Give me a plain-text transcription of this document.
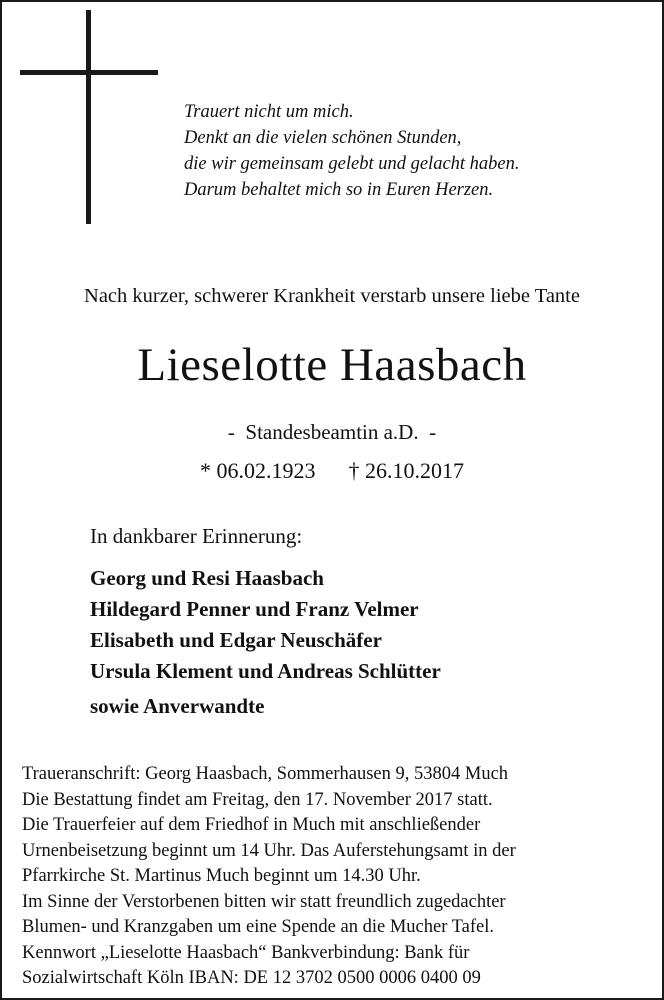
Trauert nicht um mich.
Denkt an die vielen schönen Stunden,
die wir gemeinsam gelebt und gelacht haben.
Darum behaltet mich so in Euren Herzen.
Nach kurzer, schwerer Krankheit verstarb unsere liebe Tante
Lieselotte Haasbach
-  Standesbeamtin a.D.  -
* 06.02.1923      † 26.10.2017
In dankbarer Erinnerung:
Georg und Resi Haasbach
Hildegard Penner und Franz Velmer
Elisabeth und Edgar Neuschäfer
Ursula Klement und Andreas Schlütter
sowie Anverwandte
Traueranschrift: Georg Haasbach, Sommerhausen 9, 53804 Much
Die Bestattung findet am Freitag, den 17. November 2017 statt.
Die Trauerfeier auf dem Friedhof in Much mit anschließender
Urnenbeisetzung beginnt um 14 Uhr. Das Auferstehungsamt in der
Pfarrkirche St. Martinus Much beginnt um 14.30 Uhr.
Im Sinne der Verstorbenen bitten wir statt freundlich zugedachter
Blumen- und Kranzgaben um eine Spende an die Mucher Tafel.
Kennwort „Lieselotte Haasbach“ Bankverbindung: Bank für
Sozialwirtschaft Köln IBAN: DE 12 3702 0500 0006 0400 09
